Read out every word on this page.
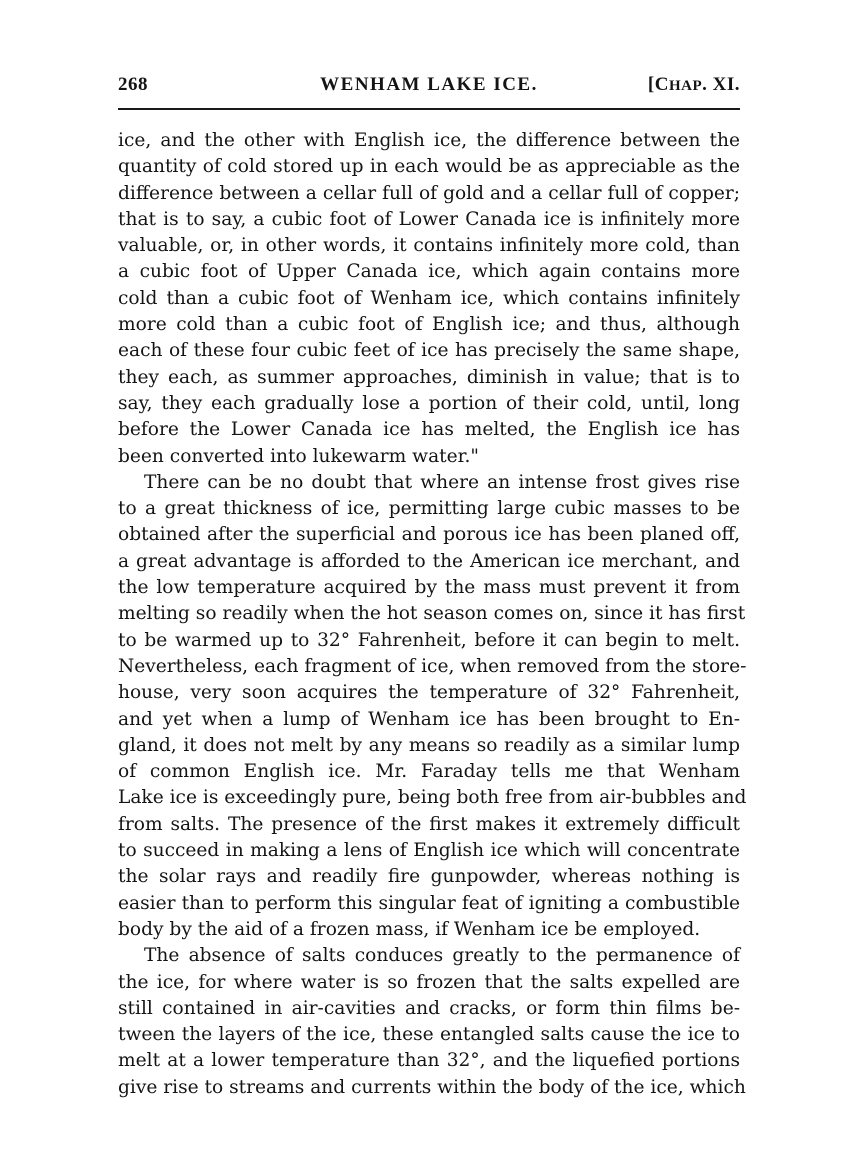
268	WENHAM LAKE ICE.	[CHAP. XI.

ice, and the other with English ice, the difference between the
quantity of cold stored up in each would be as appreciable as the
difference between a cellar full of gold and a cellar full of copper;
that is to say, a cubic foot of Lower Canada ice is infinitely more
valuable, or, in other words, it contains infinitely more cold, than
a cubic foot of Upper Canada ice, which again contains more
cold than a cubic foot of Wenham ice, which contains infinitely
more cold than a cubic foot of English ice; and thus, although
each of these four cubic feet of ice has precisely the same shape,
they each, as summer approaches, diminish in value; that is to
say, they each gradually lose a portion of their cold, until, long
before the Lower Canada ice has melted, the English ice has
been converted into lukewarm water."

There can be no doubt that where an intense frost gives rise
to a great thickness of ice, permitting large cubic masses to be
obtained after the superficial and porous ice has been planed off,
a great advantage is afforded to the American ice merchant, and
the low temperature acquired by the mass must prevent it from
melting so readily when the hot season comes on, since it has first
to be warmed up to 32° Fahrenheit, before it can begin to melt.
Nevertheless, each fragment of ice, when removed from the store-
house, very soon acquires the temperature of 32° Fahrenheit,
and yet when a lump of Wenham ice has been brought to En-
gland, it does not melt by any means so readily as a similar lump
of common English ice. Mr. Faraday tells me that Wenham
Lake ice is exceedingly pure, being both free from air-bubbles and
from salts. The presence of the first makes it extremely difficult
to succeed in making a lens of English ice which will concentrate
the solar rays and readily fire gunpowder, whereas nothing is
easier than to perform this singular feat of igniting a combustible
body by the aid of a frozen mass, if Wenham ice be employed.

The absence of salts conduces greatly to the permanence of
the ice, for where water is so frozen that the salts expelled are
still contained in air-cavities and cracks, or form thin films be-
tween the layers of the ice, these entangled salts cause the ice to
melt at a lower temperature than 32°, and the liquefied portions
give rise to streams and currents within the body of the ice, which
